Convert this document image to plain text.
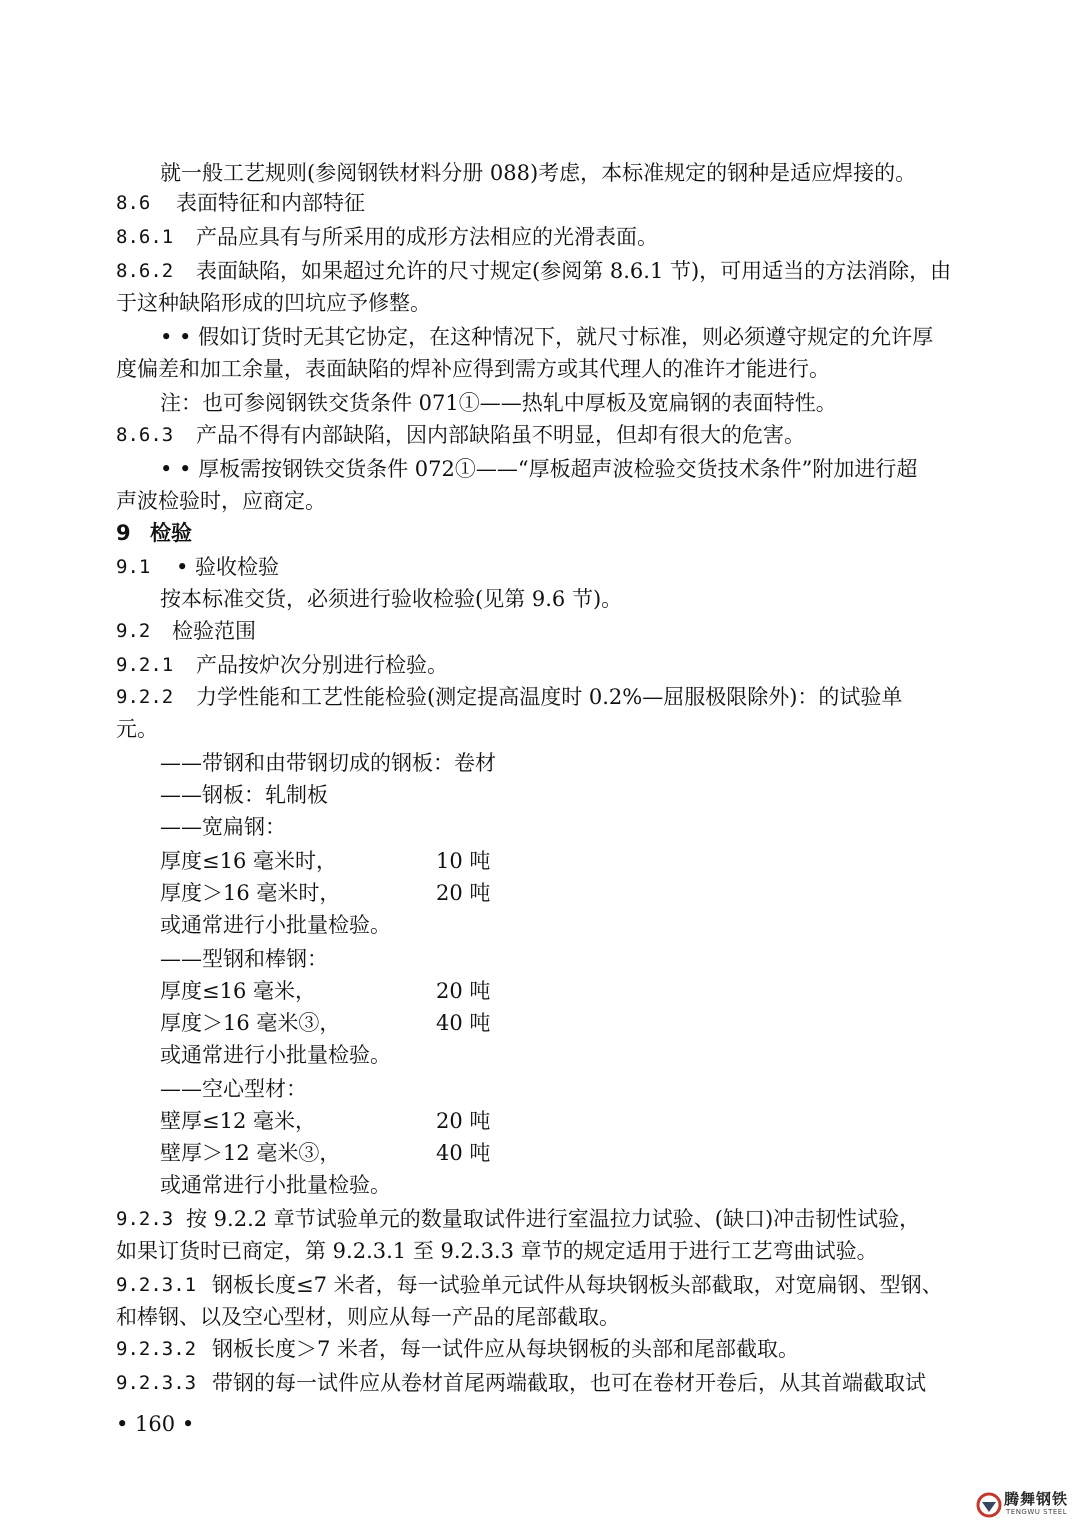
就一般工艺规则(参阅钢铁材料分册 088)考虑，本标准规定的钢种是适应焊接的。
8.6 表面特征和内部特征
8.6.1 产品应具有与所采用的成形方法相应的光滑表面。
8.6.2 表面缺陷，如果超过允许的尺寸规定(参阅第 8.6.1 节)，可用适当的方法消除，由
于这种缺陷形成的凹坑应予修整。
• • 假如订货时无其它协定，在这种情况下，就尺寸标准，则必须遵守规定的允许厚
度偏差和加工余量，表面缺陷的焊补应得到需方或其代理人的准许才能进行。
注：也可参阅钢铁交货条件 071①——热轧中厚板及宽扁钢的表面特性。
8.6.3 产品不得有内部缺陷，因内部缺陷虽不明显，但却有很大的危害。
• • 厚板需按钢铁交货条件 072①——“厚板超声波检验交货技术条件”附加进行超
声波检验时，应商定。
9 检验
9.1 • 验收检验
按本标准交货，必须进行验收检验(见第 9.6 节)。
9.2 检验范围
9.2.1 产品按炉次分别进行检验。
9.2.2 力学性能和工艺性能检验(测定提高温度时 0.2%—屈服极限除外)：的试验单
元。
——带钢和由带钢切成的钢板：卷材
——钢板：轧制板
——宽扁钢：
厚度≤16 毫米时，	10 吨
厚度＞16 毫米时，	20 吨
或通常进行小批量检验。
——型钢和棒钢：
厚度≤16 毫米，	20 吨
厚度＞16 毫米③，	40 吨
或通常进行小批量检验。
——空心型材：
壁厚≤12 毫米，	20 吨
壁厚＞12 毫米③，	40 吨
或通常进行小批量检验。
9.2.3 按 9.2.2 章节试验单元的数量取试件进行室温拉力试验、(缺口)冲击韧性试验，
如果订货时已商定，第 9.2.3.1 至 9.2.3.3 章节的规定适用于进行工艺弯曲试验。
9.2.3.1 钢板长度≤7 米者，每一试验单元试件从每块钢板头部截取，对宽扁钢、型钢、
和棒钢、以及空心型材，则应从每一产品的尾部截取。
9.2.3.2 钢板长度＞7 米者，每一试件应从每块钢板的头部和尾部截取。
9.2.3.3 带钢的每一试件应从卷材首尾两端截取，也可在卷材开卷后，从其首端截取试
• 160 •
腾舞钢铁
TENGWU STEEL
